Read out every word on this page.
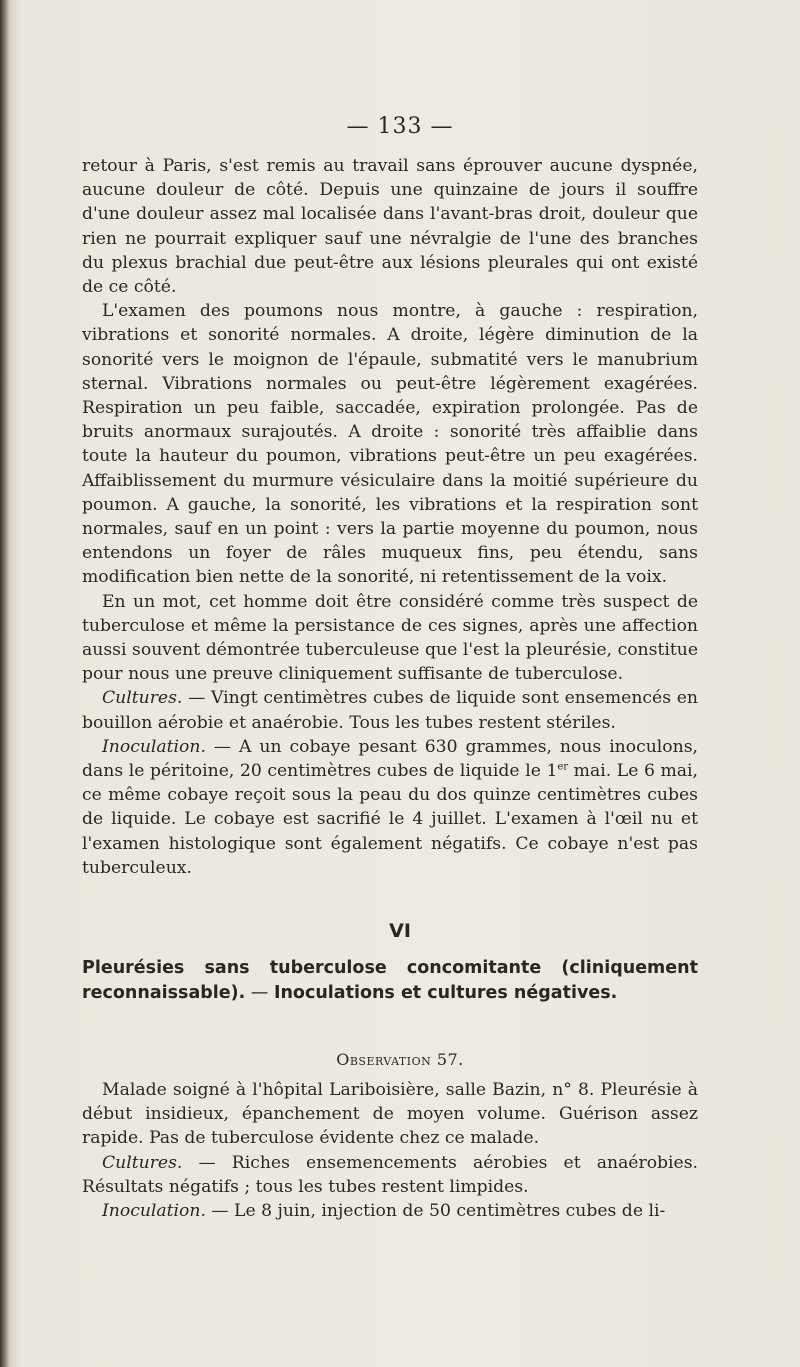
— 133 —

retour à Paris, s'est remis au travail sans éprouver aucune dyspnée, aucune douleur de côté. Depuis une quinzaine de jours il souffre d'une douleur assez mal localisée dans l'avant-bras droit, douleur que rien ne pourrait expliquer sauf une névralgie de l'une des branches du plexus brachial due peut-être aux lésions pleurales qui ont existé de ce côté.

L'examen des poumons nous montre, à gauche : respiration, vibrations et sonorité normales. A droite, légère diminution de la sonorité vers le moignon de l'épaule, submatité vers le manubrium sternal. Vibrations normales ou peut-être légèrement exagérées. Respiration un peu faible, saccadée, expiration prolongée. Pas de bruits anormaux surajoutés. A droite : sonorité très affaiblie dans toute la hauteur du poumon, vibrations peut-être un peu exagérées. Affaiblissement du murmure vésiculaire dans la moitié supérieure du poumon. A gauche, la sonorité, les vibrations et la respiration sont normales, sauf en un point : vers la partie moyenne du poumon, nous entendons un foyer de râles muqueux fins, peu étendu, sans modification bien nette de la sonorité, ni retentissement de la voix.

En un mot, cet homme doit être considéré comme très suspect de tuberculose et même la persistance de ces signes, après une affection aussi souvent démontrée tuberculeuse que l'est la pleurésie, constitue pour nous une preuve cliniquement suffisante de tuberculose.

Cultures. — Vingt centimètres cubes de liquide sont ensemencés en bouillon aérobie et anaérobie. Tous les tubes restent stériles.

Inoculation. — A un cobaye pesant 630 grammes, nous inoculons, dans le péritoine, 20 centimètres cubes de liquide le 1er mai. Le 6 mai, ce même cobaye reçoit sous la peau du dos quinze centimètres cubes de liquide. Le cobaye est sacrifié le 4 juillet. L'examen à l'œil nu et l'examen histologique sont également négatifs. Ce cobaye n'est pas tuberculeux.

VI

Pleurésies sans tuberculose concomitante (cliniquement reconnaissable). — Inoculations et cultures négatives.

Observation 57.

Malade soigné à l'hôpital Lariboisière, salle Bazin, n° 8. Pleurésie à début insidieux, épanchement de moyen volume. Guérison assez rapide. Pas de tuberculose évidente chez ce malade.

Cultures. — Riches ensemencements aérobies et anaérobies. Résultats négatifs ; tous les tubes restent limpides.

Inoculation. — Le 8 juin, injection de 50 centimètres cubes de li-
